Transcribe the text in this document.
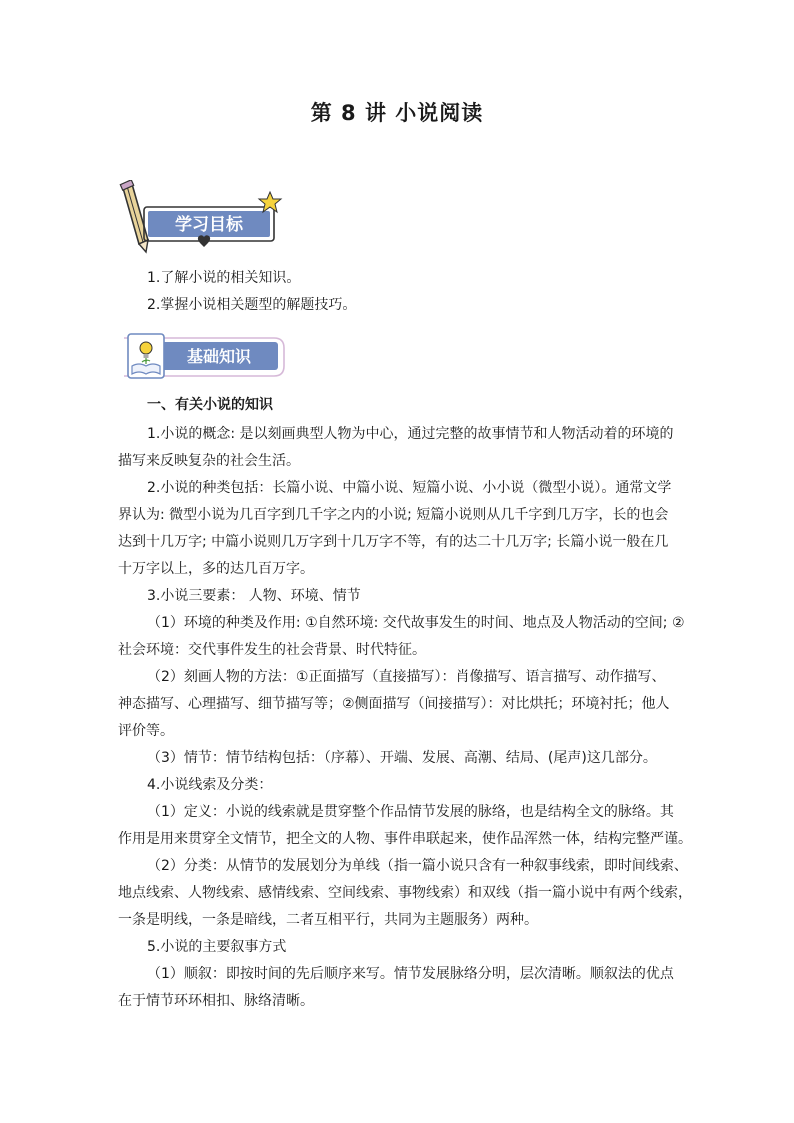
第 8 讲 小说阅读
学习目标
1.了解小说的相关知识。
2.掌握小说相关题型的解题技巧。
基础知识
一、有关小说的知识
1.小说的概念: 是以刻画典型人物为中心，通过完整的故事情节和人物活动着的环境的
描写来反映复杂的社会生活。
2.小说的种类包括：长篇小说、中篇小说、短篇小说、小小说（微型小说）。通常文学
界认为: 微型小说为几百字到几千字之内的小说; 短篇小说则从几千字到几万字，长的也会
达到十几万字; 中篇小说则几万字到十几万字不等，有的达二十几万字; 长篇小说一般在几
十万字以上，多的达几百万字。
3.小说三要素： 人物、环境、情节
（1）环境的种类及作用: ①自然环境: 交代故事发生的时间、地点及人物活动的空间; ②
社会环境：交代事件发生的社会背景、时代特征。
（2）刻画人物的方法：①正面描写（直接描写）：肖像描写、语言描写、动作描写、
神态描写、心理描写、细节描写等；②侧面描写（间接描写）：对比烘托；环境衬托；他人
评价等。
（3）情节：情节结构包括：（序幕）、开端、发展、高潮、结局、(尾声)这几部分。
4.小说线索及分类：
（1）定义：小说的线索就是贯穿整个作品情节发展的脉络，也是结构全文的脉络。其
作用是用来贯穿全文情节，把全文的人物、事件串联起来，使作品浑然一体，结构完整严谨。
（2）分类：从情节的发展划分为单线（指一篇小说只含有一种叙事线索，即时间线索、
地点线索、人物线索、感情线索、空间线索、事物线索）和双线（指一篇小说中有两个线索，
一条是明线，一条是暗线，二者互相平行，共同为主题服务）两种。
5.小说的主要叙事方式
（1）顺叙：即按时间的先后顺序来写。情节发展脉络分明，层次清晰。顺叙法的优点
在于情节环环相扣、脉络清晰。
